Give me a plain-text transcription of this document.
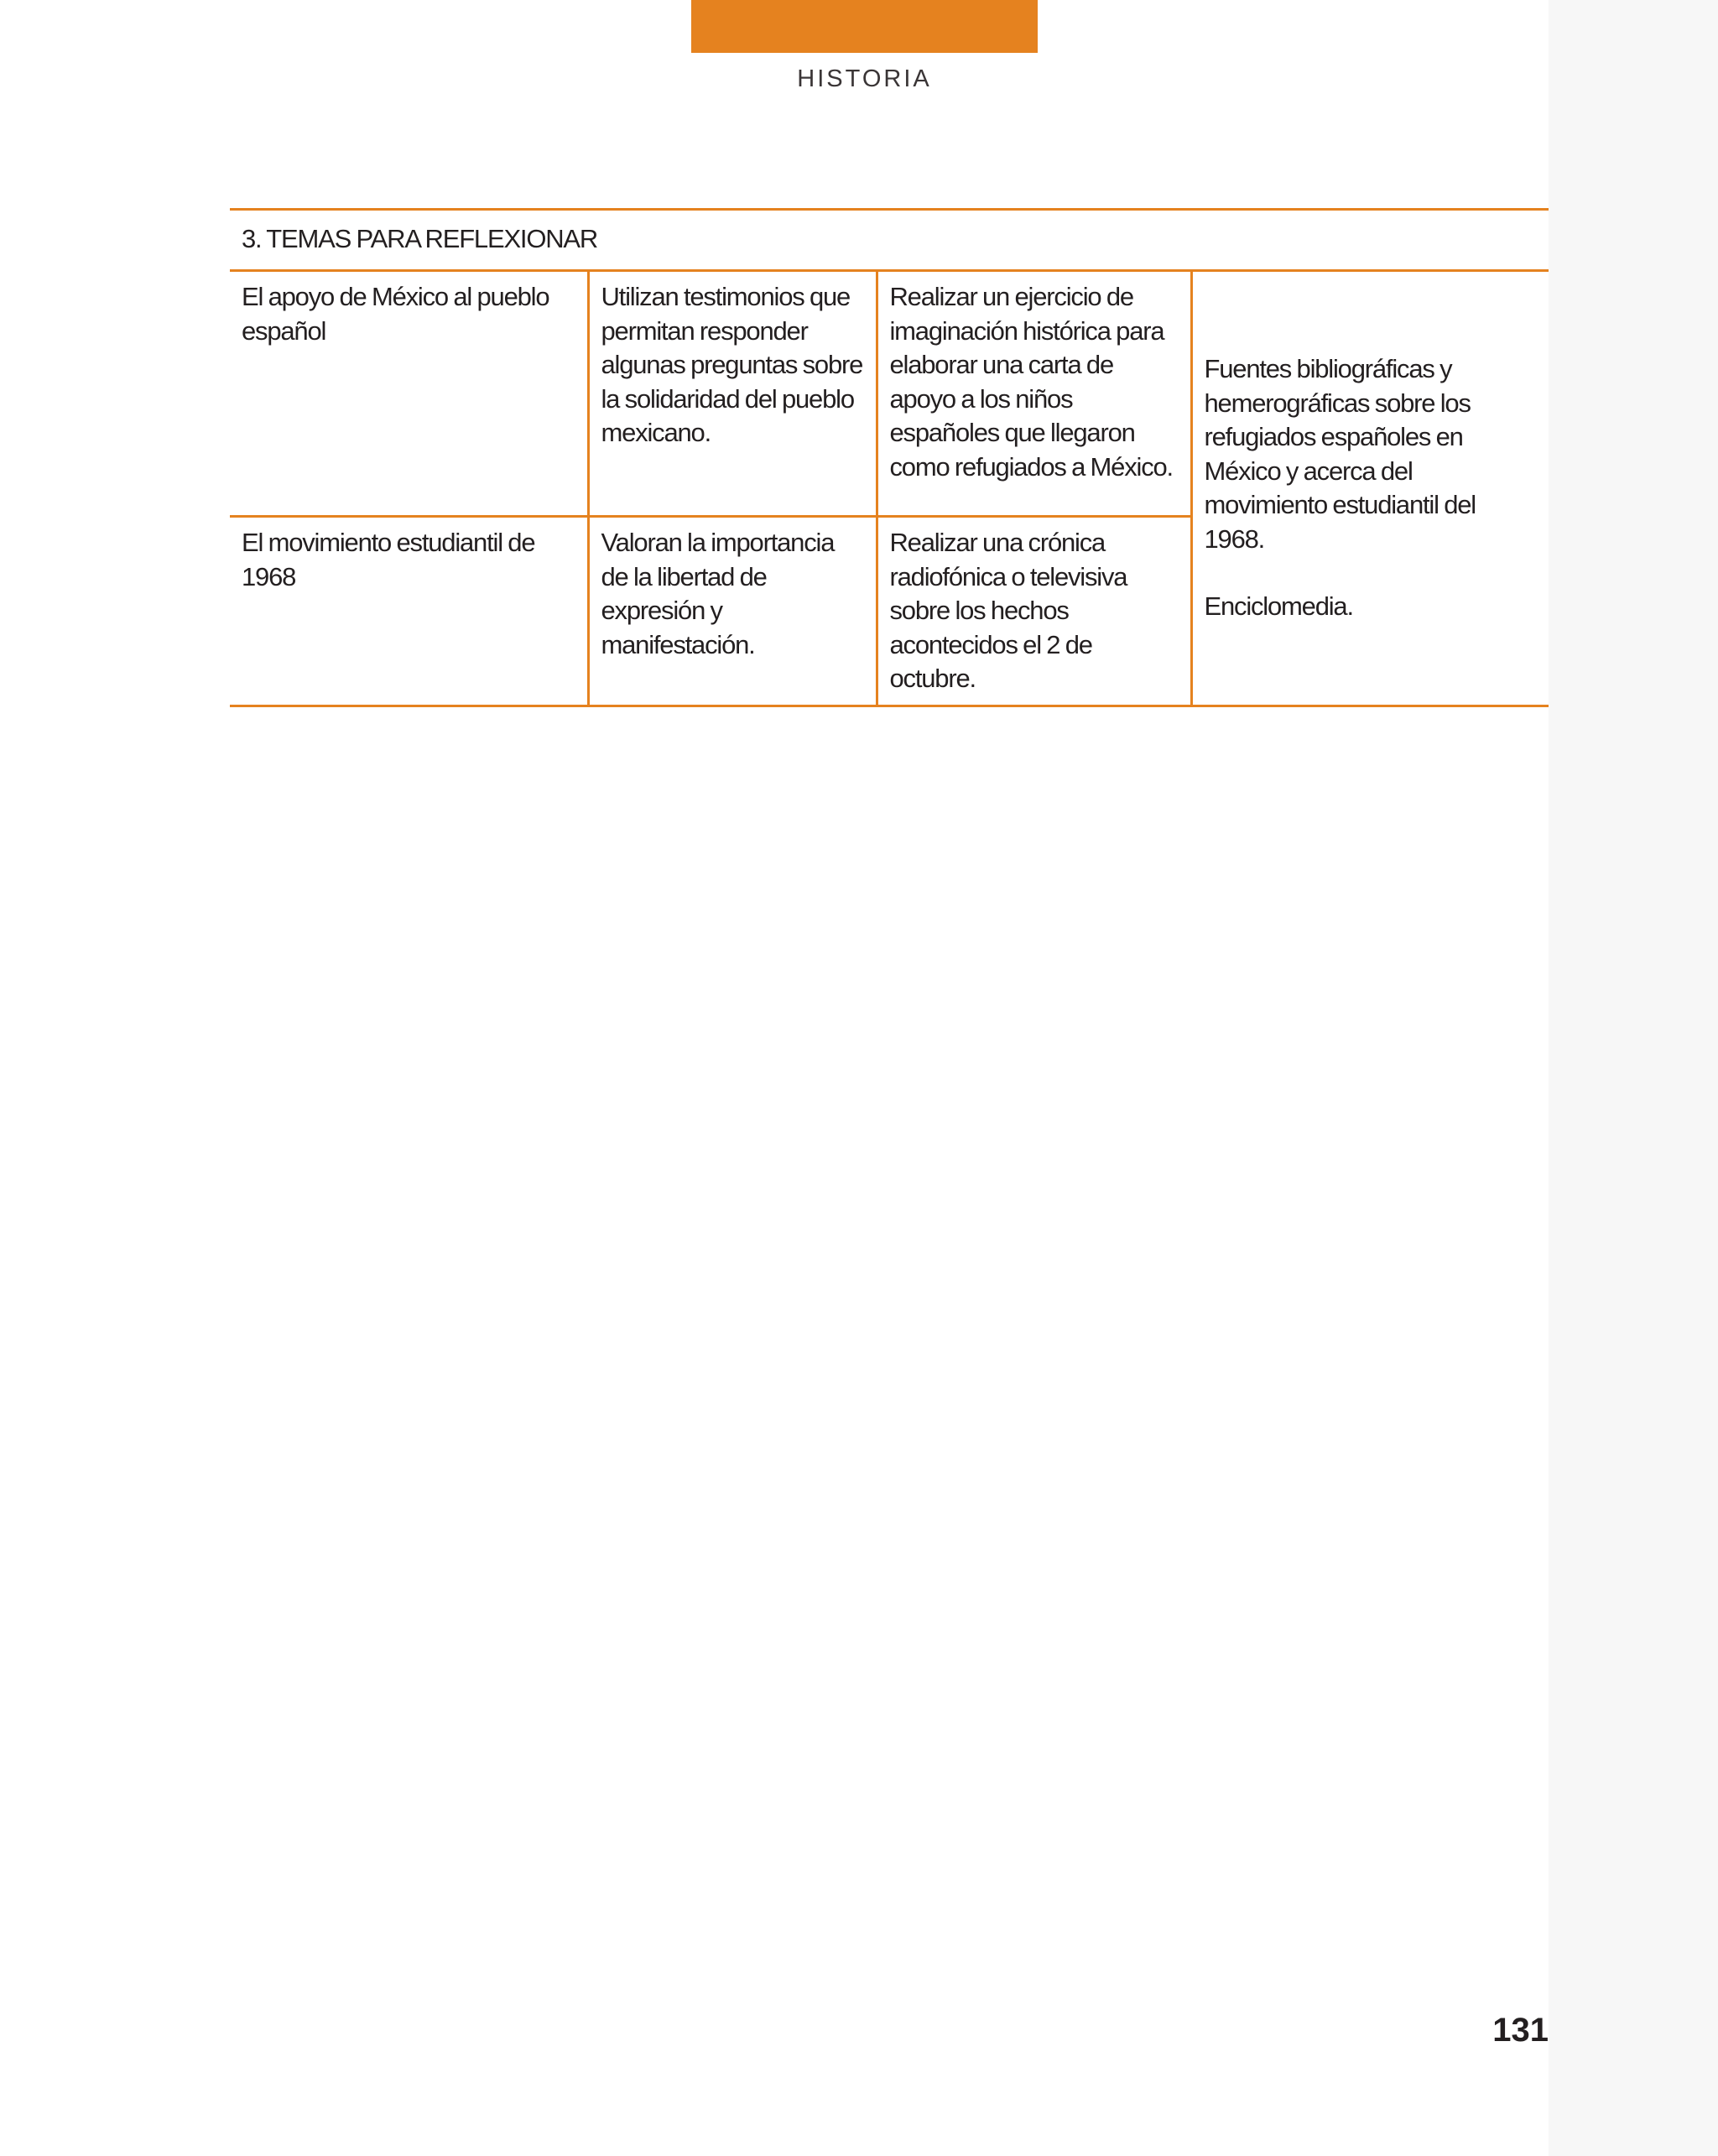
HISTORIA
3. TEMAS PARA REFLEXIONAR			
El apoyo de México al pueblo español	Utilizan testimonios que permitan responder algunas preguntas sobre la solidaridad del pueblo mexicano.	Realizar un ejercicio de imaginación histórica para elaborar una carta de apoyo a los niños españoles que llegaron como refugiados a México.	Fuentes bibliográficas y hemerográficas sobre los refugiados españoles en México y acerca del movimiento estudiantil del 1968.
Enciclomedia.

El movimiento estudiantil de 1968	Valoran la importancia de la libertad de expresión y manifestación.	Realizar una crónica radiofónica o televisiva sobre los hechos acontecidos el 2 de octubre.	
131
